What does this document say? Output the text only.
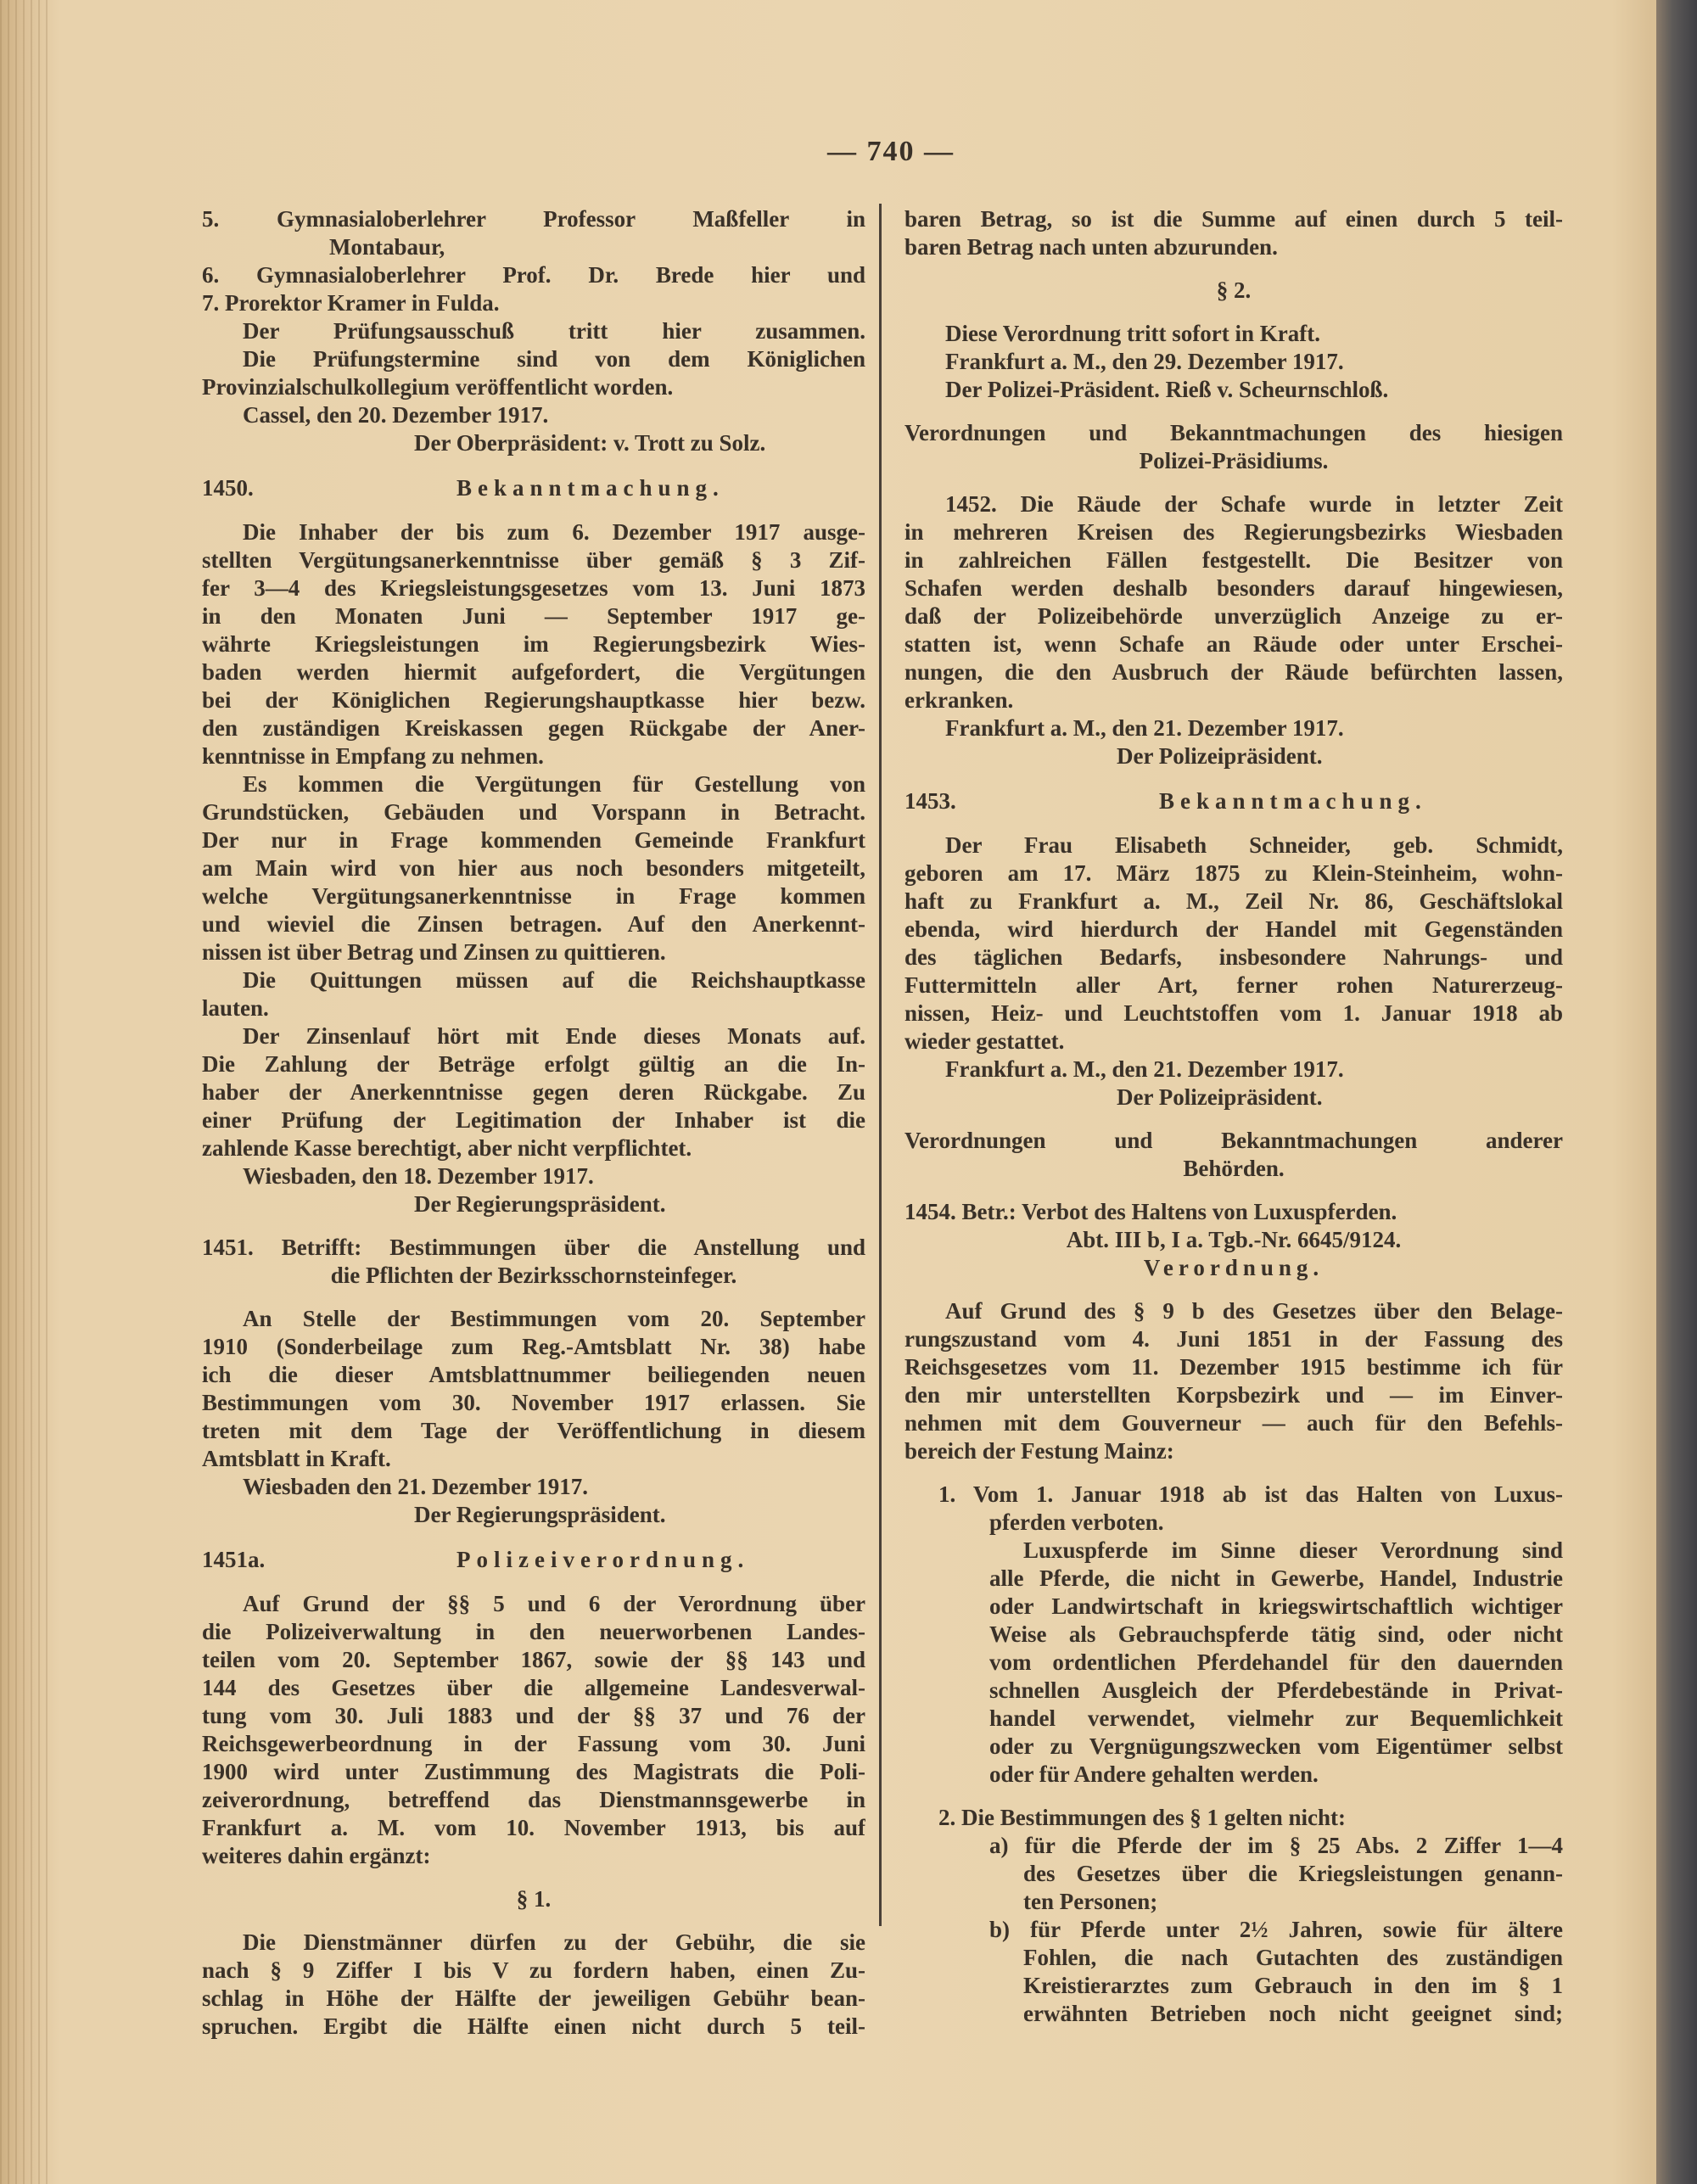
— 740 —
5. Gymnasialoberlehrer Professor Maßfeller in
Montabaur,
6. Gymnasialoberlehrer Prof. Dr. Brede hier und
7. Prorektor Kramer in Fulda.
Der Prüfungsausschuß tritt hier zusammen.
Die Prüfungstermine sind von dem Königlichen
Provinzialschulkollegium veröffentlicht worden.
Cassel, den 20. Dezember 1917.
Der Oberpräsident: v. Trott zu Solz.
1450.	Bekanntmachung.
Die Inhaber der bis zum 6. Dezember 1917 ausge-
stellten Vergütungsanerkenntnisse über gemäß § 3 Zif-
fer 3—4 des Kriegsleistungsgesetzes vom 13. Juni 1873
in den Monaten Juni — September 1917 ge-
währte Kriegsleistungen im Regierungsbezirk Wies-
baden werden hiermit aufgefordert, die Vergütungen
bei der Königlichen Regierungshauptkasse hier bezw.
den zuständigen Kreiskassen gegen Rückgabe der Aner-
kenntnisse in Empfang zu nehmen.
Es kommen die Vergütungen für Gestellung von
Grundstücken, Gebäuden und Vorspann in Betracht.
Der nur in Frage kommenden Gemeinde Frankfurt
am Main wird von hier aus noch besonders mitgeteilt,
welche Vergütungsanerkenntnisse in Frage kommen
und wieviel die Zinsen betragen. Auf den Anerkennt-
nissen ist über Betrag und Zinsen zu quittieren.
Die Quittungen müssen auf die Reichshauptkasse
lauten.
Der Zinsenlauf hört mit Ende dieses Monats auf.
Die Zahlung der Beträge erfolgt gültig an die In-
haber der Anerkenntnisse gegen deren Rückgabe. Zu
einer Prüfung der Legitimation der Inhaber ist die
zahlende Kasse berechtigt, aber nicht verpflichtet.
Wiesbaden, den 18. Dezember 1917.
Der Regierungspräsident.
1451. Betrifft: Bestimmungen über die Anstellung und
die Pflichten der Bezirksschornsteinfeger.
An Stelle der Bestimmungen vom 20. September
1910 (Sonderbeilage zum Reg.-Amtsblatt Nr. 38) habe
ich die dieser Amtsblattnummer beiliegenden neuen
Bestimmungen vom 30. November 1917 erlassen. Sie
treten mit dem Tage der Veröffentlichung in diesem
Amtsblatt in Kraft.
Wiesbaden den 21. Dezember 1917.
Der Regierungspräsident.
1451a.	Polizeiverordnung.
Auf Grund der §§ 5 und 6 der Verordnung über
die Polizeiverwaltung in den neuerworbenen Landes-
teilen vom 20. September 1867, sowie der §§ 143 und
144 des Gesetzes über die allgemeine Landesverwal-
tung vom 30. Juli 1883 und der §§ 37 und 76 der
Reichsgewerbeordnung in der Fassung vom 30. Juni
1900 wird unter Zustimmung des Magistrats die Poli-
zeiverordnung, betreffend das Dienstmannsgewerbe in
Frankfurt a. M. vom 10. November 1913, bis auf
weiteres dahin ergänzt:
§ 1.
Die Dienstmänner dürfen zu der Gebühr, die sie
nach § 9 Ziffer I bis V zu fordern haben, einen Zu-
schlag in Höhe der Hälfte der jeweiligen Gebühr bean-
spruchen. Ergibt die Hälfte einen nicht durch 5 teil-
baren Betrag, so ist die Summe auf einen durch 5 teil-
baren Betrag nach unten abzurunden.
§ 2.
Diese Verordnung tritt sofort in Kraft.
Frankfurt a. M., den 29. Dezember 1917.
Der Polizei-Präsident. Rieß v. Scheurnschloß.
Verordnungen und Bekanntmachungen des hiesigen
Polizei-Präsidiums.
1452. Die Räude der Schafe wurde in letzter Zeit
in mehreren Kreisen des Regierungsbezirks Wiesbaden
in zahlreichen Fällen festgestellt. Die Besitzer von
Schafen werden deshalb besonders darauf hingewiesen,
daß der Polizeibehörde unverzüglich Anzeige zu er-
statten ist, wenn Schafe an Räude oder unter Erschei-
nungen, die den Ausbruch der Räude befürchten lassen,
erkranken.
Frankfurt a. M., den 21. Dezember 1917.
Der Polizeipräsident.
1453.	Bekanntmachung.
Der Frau Elisabeth Schneider, geb. Schmidt,
geboren am 17. März 1875 zu Klein-Steinheim, wohn-
haft zu Frankfurt a. M., Zeil Nr. 86, Geschäftslokal
ebenda, wird hierdurch der Handel mit Gegenständen
des täglichen Bedarfs, insbesondere Nahrungs- und
Futtermitteln aller Art, ferner rohen Naturerzeug-
nissen, Heiz- und Leuchtstoffen vom 1. Januar 1918 ab
wieder gestattet.
Frankfurt a. M., den 21. Dezember 1917.
Der Polizeipräsident.
Verordnungen und Bekanntmachungen anderer
Behörden.
1454. Betr.: Verbot des Haltens von Luxuspferden.
Abt. III b, I a. Tgb.-Nr. 6645/9124.
Verordnung.
Auf Grund des § 9 b des Gesetzes über den Belage-
rungszustand vom 4. Juni 1851 in der Fassung des
Reichsgesetzes vom 11. Dezember 1915 bestimme ich für
den mir unterstellten Korpsbezirk und — im Einver-
nehmen mit dem Gouverneur — auch für den Befehls-
bereich der Festung Mainz:
1. Vom 1. Januar 1918 ab ist das Halten von Luxus-
pferden verboten.
Luxuspferde im Sinne dieser Verordnung sind
alle Pferde, die nicht in Gewerbe, Handel, Industrie
oder Landwirtschaft in kriegswirtschaftlich wichtiger
Weise als Gebrauchspferde tätig sind, oder nicht
vom ordentlichen Pferdehandel für den dauernden
schnellen Ausgleich der Pferdebestände in Privat-
handel verwendet, vielmehr zur Bequemlichkeit
oder zu Vergnügungszwecken vom Eigentümer selbst
oder für Andere gehalten werden.
2. Die Bestimmungen des § 1 gelten nicht:
a) für die Pferde der im § 25 Abs. 2 Ziffer 1—4
des Gesetzes über die Kriegsleistungen genann-
ten Personen;
b) für Pferde unter 2½ Jahren, sowie für ältere
Fohlen, die nach Gutachten des zuständigen
Kreistierarztes zum Gebrauch in den im § 1
erwähnten Betrieben noch nicht geeignet sind;
